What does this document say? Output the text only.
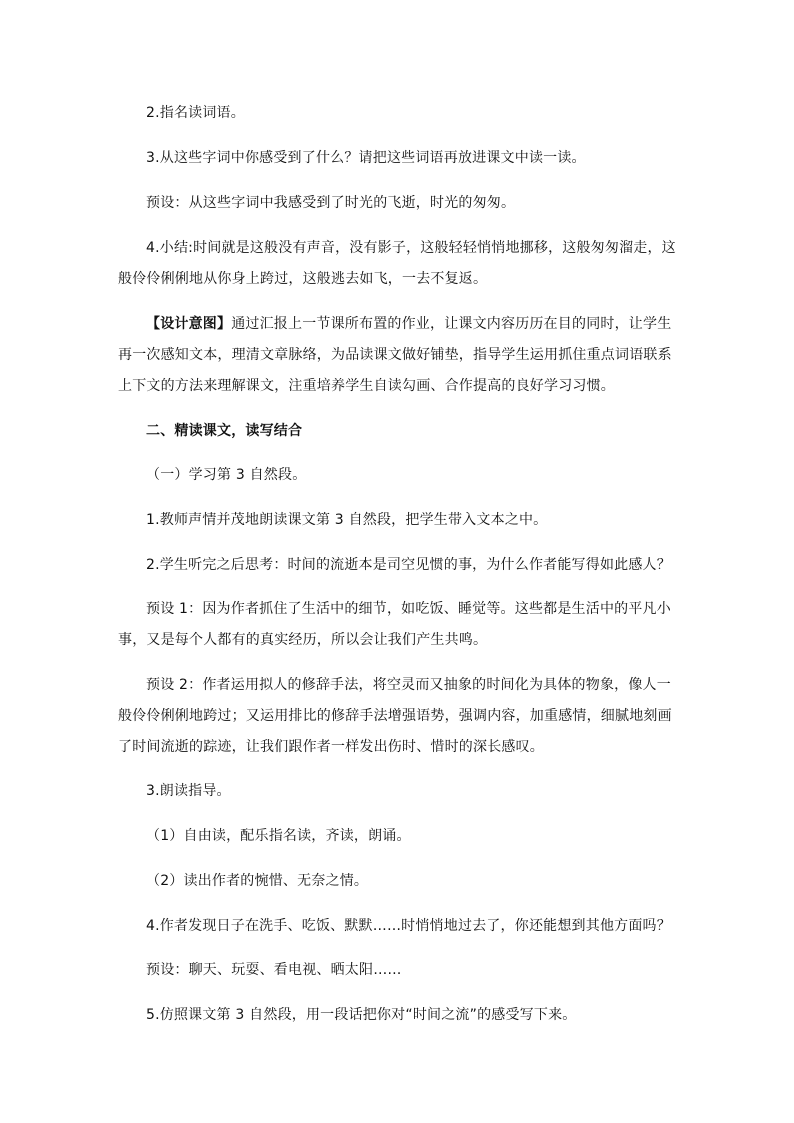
2.指名读词语。
3.从这些字词中你感受到了什么？请把这些词语再放进课文中读一读。
预设：从这些字词中我感受到了时光的飞逝，时光的匆匆。
4.小结:时间就是这般没有声音，没有影子，这般轻轻悄悄地挪移，这般匆匆溜走，这般伶伶俐俐地从你身上跨过，这般逃去如飞，一去不复返。
【设计意图】通过汇报上一节课所布置的作业，让课文内容历历在目的同时，让学生再一次感知文本，理清文章脉络，为品读课文做好铺垫，指导学生运用抓住重点词语联系上下文的方法来理解课文，注重培养学生自读勾画、合作提高的良好学习习惯。
二、精读课文，读写结合
（一）学习第 3 自然段。
1.教师声情并茂地朗读课文第 3 自然段，把学生带入文本之中。
2.学生听完之后思考：时间的流逝本是司空见惯的事，为什么作者能写得如此感人？
预设 1：因为作者抓住了生活中的细节，如吃饭、睡觉等。这些都是生活中的平凡小事，又是每个人都有的真实经历，所以会让我们产生共鸣。
预设 2：作者运用拟人的修辞手法，将空灵而又抽象的时间化为具体的物象，像人一般伶伶俐俐地跨过；又运用排比的修辞手法增强语势，强调内容，加重感情，细腻地刻画了时间流逝的踪迹，让我们跟作者一样发出伤时、惜时的深长感叹。
3.朗读指导。
（1）自由读，配乐指名读，齐读，朗诵。
（2）读出作者的惋惜、无奈之情。
4.作者发现日子在洗手、吃饭、默默……时悄悄地过去了，你还能想到其他方面吗？
预设：聊天、玩耍、看电视、晒太阳……
5.仿照课文第 3 自然段，用一段话把你对“时间之流”的感受写下来。
